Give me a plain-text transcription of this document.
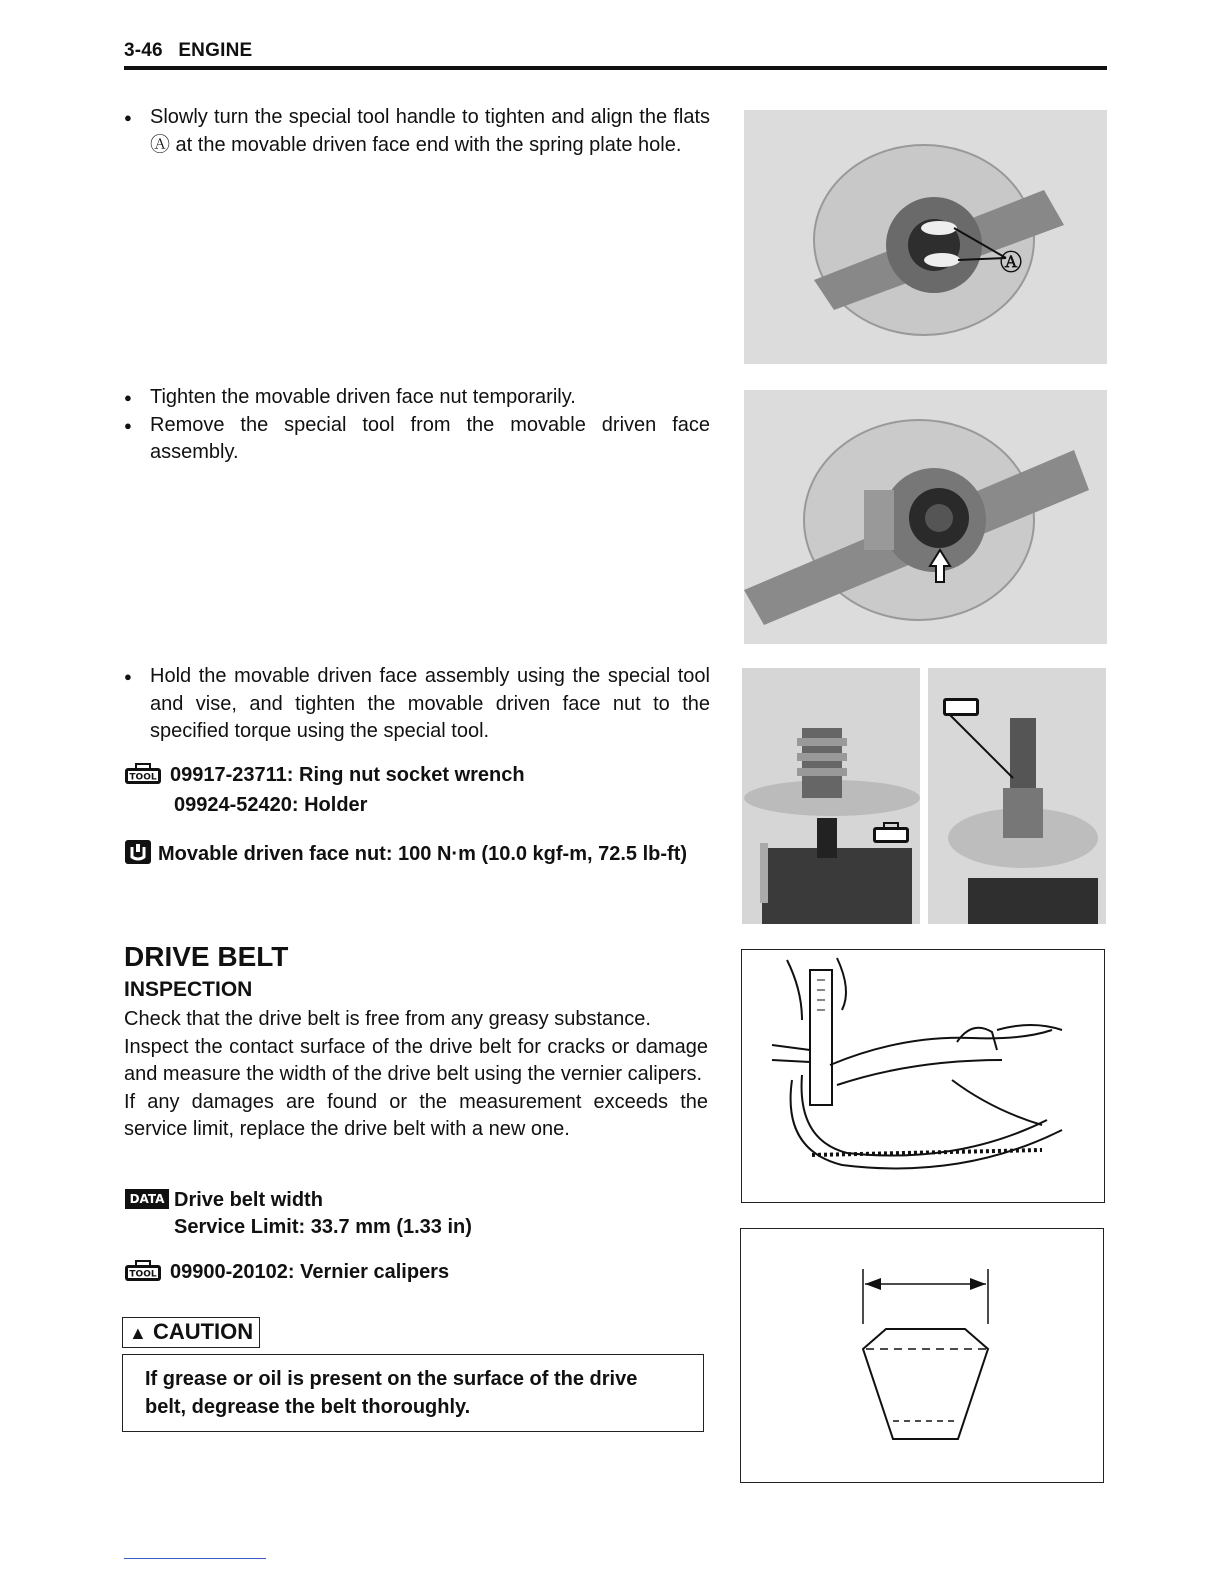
3-46 ENGINE
● Slowly turn the special tool handle to tighten and align the flats Ⓐ at the movable driven face end with the spring plate hole.
Ⓐ
● Tighten the movable driven face nut temporarily.
● Remove the special tool from the movable driven face assembly.
● Hold the movable driven face assembly using the special tool and vise, and tighten the movable driven face nut to the specified torque using the special tool.
TOOL 09917-23711: Ring nut socket wrench
09924-52420: Holder
Movable driven face nut: 100 N·m (10.0 kgf-m, 72.5 lb-ft)
DRIVE BELT
INSPECTION
Check that the drive belt is free from any greasy substance.
Inspect the contact surface of the drive belt for cracks or damage and measure the width of the drive belt using the vernier calipers.
If any damages are found or the measurement exceeds the service limit, replace the drive belt with a new one.
DATA Drive belt width
Service Limit: 33.7 mm (1.33 in)
TOOL 09900-20102: Vernier calipers
▲ CAUTION
If grease or oil is present on the surface of the drive belt, degrease the belt thoroughly.
